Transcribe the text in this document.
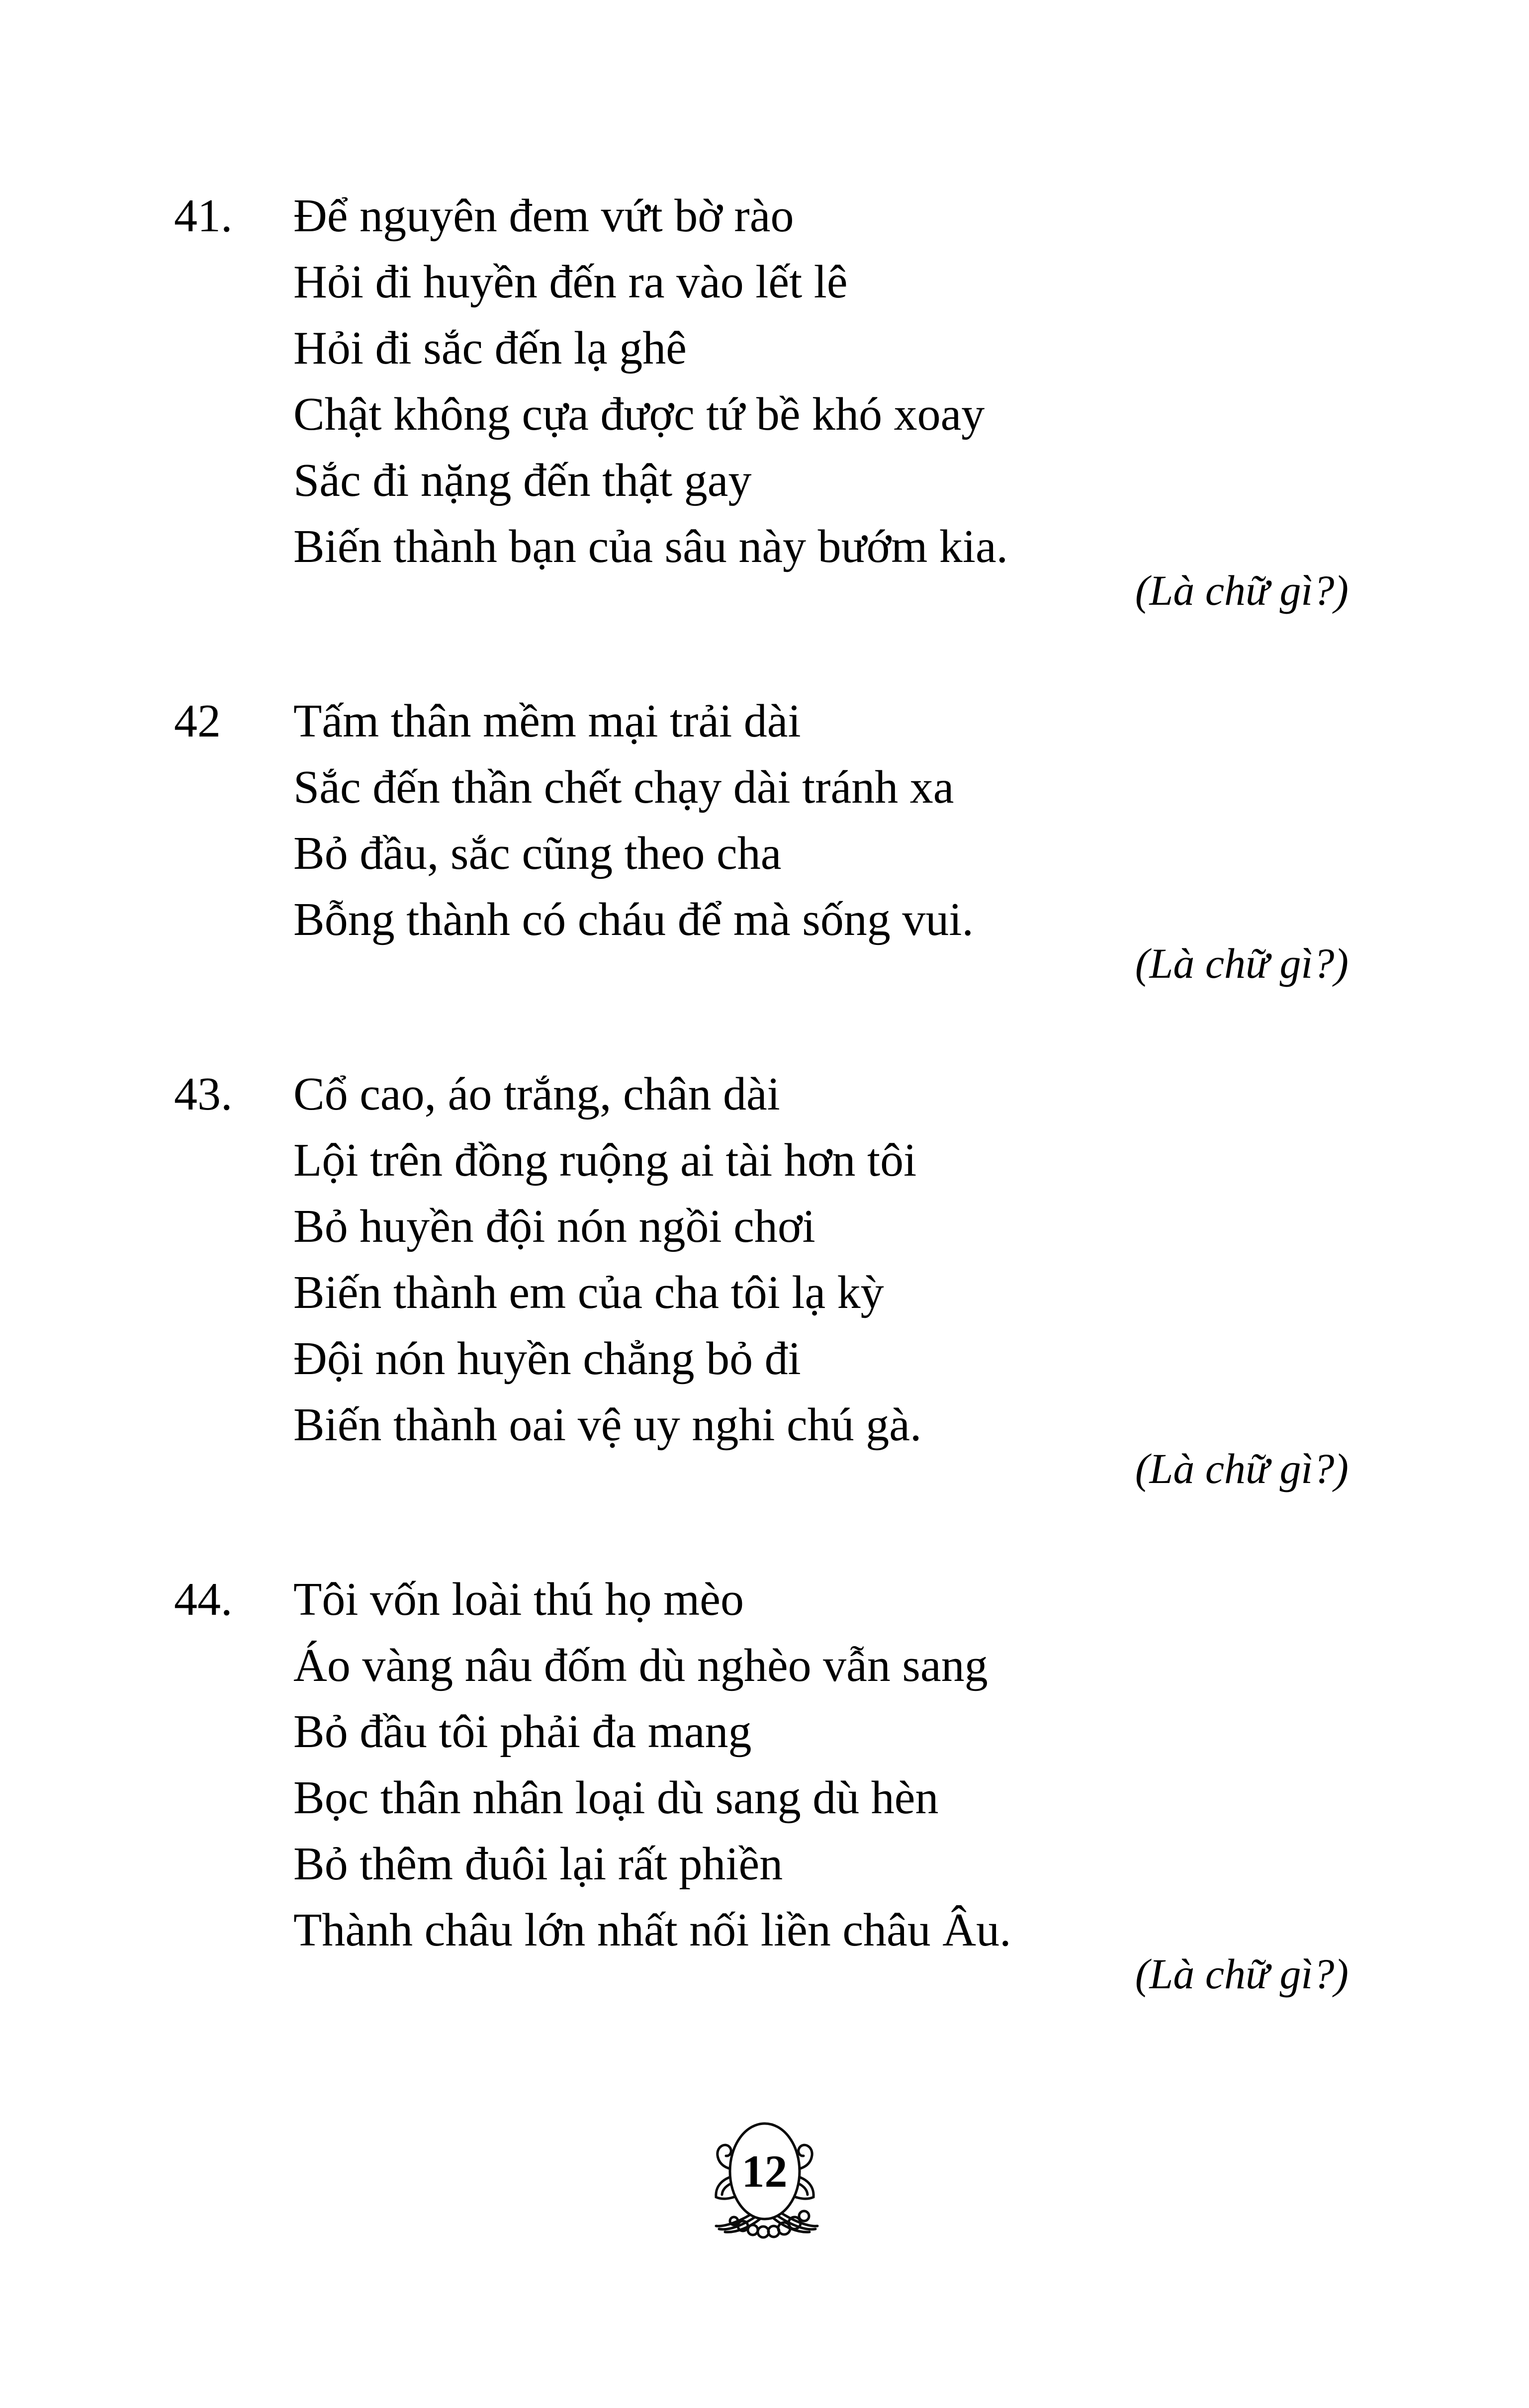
41.	Để nguyên đem vứt bờ rào
Hỏi đi huyền đến ra vào lết lê
Hỏi đi sắc đến lạ ghê
Chật không cựa được tứ bề khó xoay
Sắc đi nặng đến thật gay
Biến thành bạn của sâu này bướm kia.
(Là chữ gì?)
42	Tấm thân mềm mại trải dài
Sắc đến thần chết chạy dài tránh xa
Bỏ đầu, sắc cũng theo cha
Bỗng thành có cháu để mà sống vui.
(Là chữ gì?)
43.	Cổ cao, áo trắng, chân dài
Lội trên đồng ruộng ai tài hơn tôi
Bỏ huyền đội nón ngồi chơi
Biến thành em của cha tôi lạ kỳ
Đội nón huyền chẳng bỏ đi
Biến thành oai vệ uy nghi chú gà.
(Là chữ gì?)
44.	Tôi vốn loài thú họ mèo
Áo vàng nâu đốm dù nghèo vẫn sang
Bỏ đầu tôi phải đa mang
Bọc thân nhân loại dù sang dù hèn
Bỏ thêm đuôi lại rất phiền
Thành châu lớn nhất nối liền châu Âu.
(Là chữ gì?)
12
